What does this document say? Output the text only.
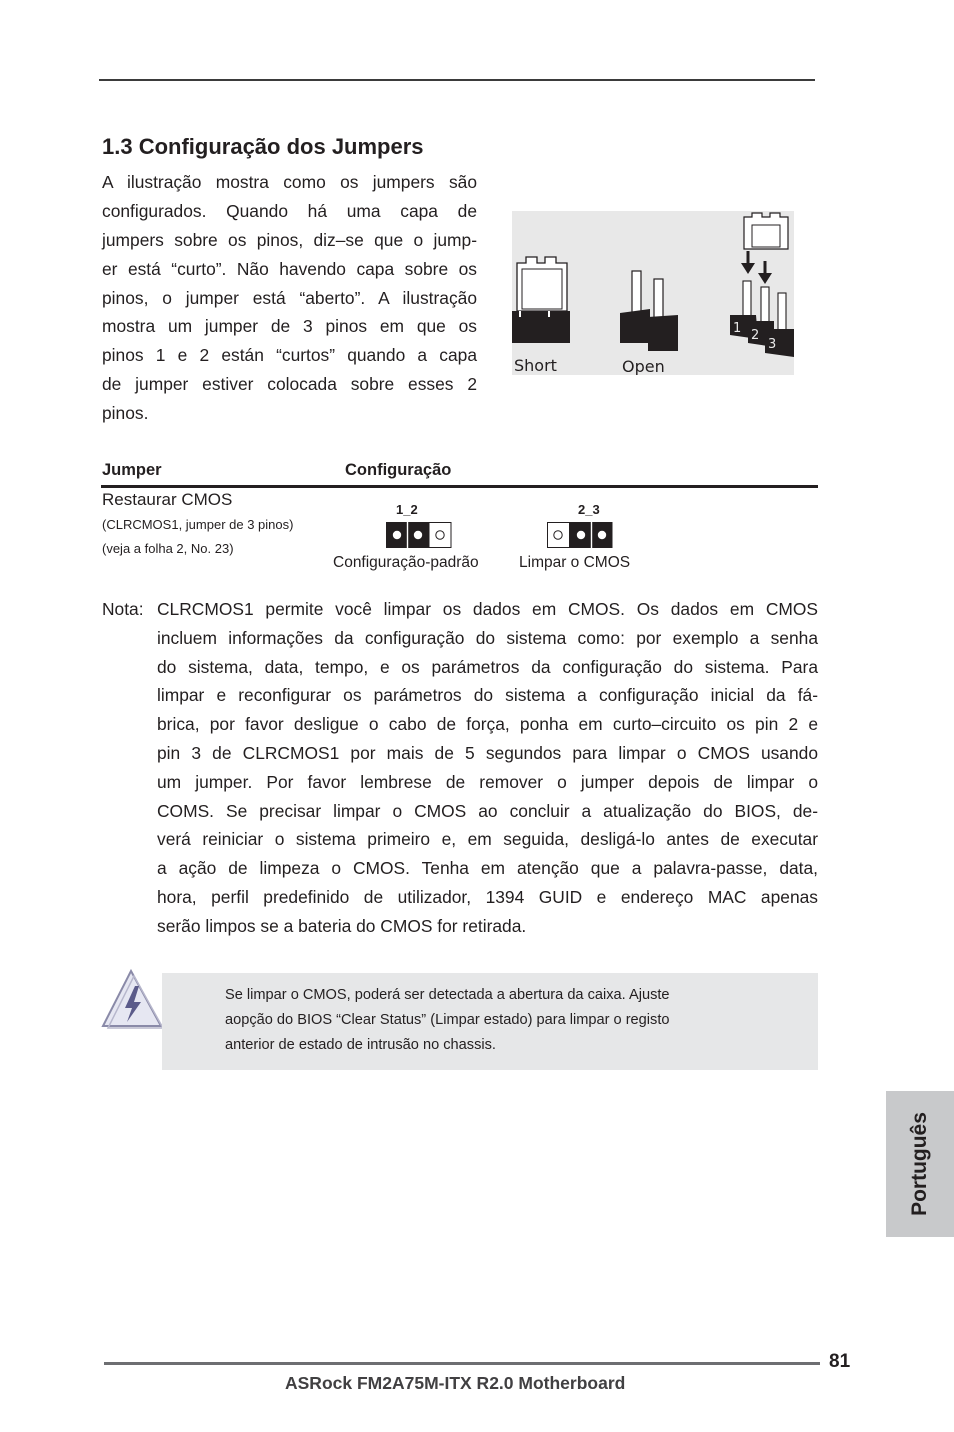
1.3 Configuração dos Jumpers
A ilustração mostra como os jumpers são
configurados. Quando há uma capa de
jumpers sobre os pinos, diz–se que o jump-
er está “curto”. Não havendo capa sobre os
pinos, o jumper está “aberto”. A ilustração
mostra um jumper de 3 pinos em que os
pinos 1 e 2 están “curtos” quando a capa
de jumper estiver colocada sobre esses 2
pinos.
Short	Open
1 2
3
Jumper	Configuração
Restaurar CMOS
(CLRCMOS1, jumper de 3 pinos)
(veja a folha 2, No. 23)
1_2	2_3
Configuração-padrão	Limpar o CMOS
Nota: CLRCMOS1 permite você limpar os dados em CMOS. Os dados em CMOS
incluem informações da configuração do sistema como: por exemplo a senha
do sistema, data, tempo, e os parámetros da configuração do sistema. Para
limpar e reconfigurar os parámetros do sistema a configuração inicial da fá-
brica, por favor desligue o cabo de força, ponha em curto–circuito os pin 2 e
pin 3 de CLRCMOS1 por mais de 5 segundos para limpar o CMOS usando
um jumper. Por favor lembrese de remover o jumper depois de limpar o
COMS. Se precisar limpar o CMOS ao concluir a atualização do BIOS, de-
verá reiniciar o sistema primeiro e, em seguida, desligá-lo antes de executar
a ação de limpeza o CMOS. Tenha em atenção que a palavra-passe, data,
hora, perfil predefinido de utilizador, 1394 GUID e endereço MAC apenas
serão limpos se a bateria do CMOS for retirada.
Se limpar o CMOS, poderá ser detectada a abertura da caixa. Ajuste
aopção do BIOS “Clear Status” (Limpar estado) para limpar o registo
anterior de estado de intrusão no chassis.
Português
81
ASRock FM2A75M-ITX R2.0 Motherboard
